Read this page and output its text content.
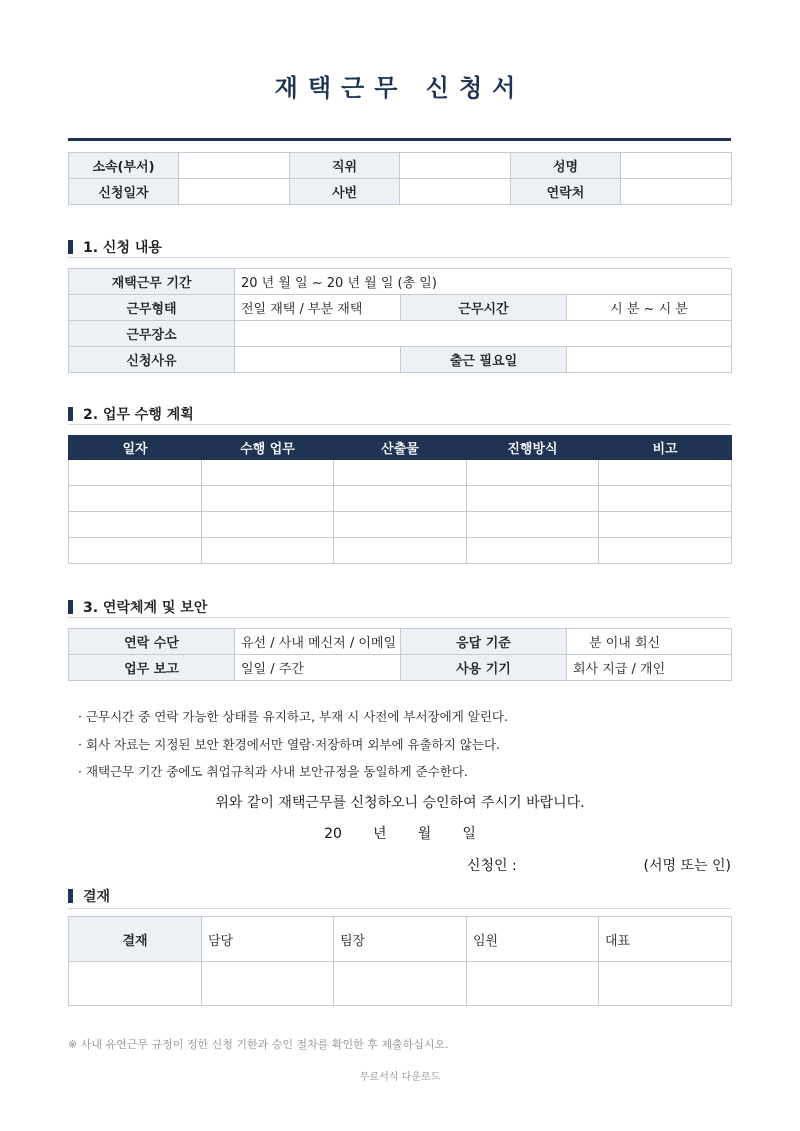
재택근무 신청서
소속(부서)		직위		성명	
신청일자		사번		연락처	
1. 신청 내용
재택근무 기간	20 년 월 일 ~ 20 년 월 일 (총 일)		
근무형태	전일 재택 / 부분 재택	근무시간	시 분 ~ 시 분
근무장소			
신청사유		출근 필요일	
2. 업무 수행 계획
일자	수행 업무	산출물	진행방식	비고

3. 연락체계 및 보안
연락 수단	유선 / 사내 메신저 / 이메일	응답 기준	분 이내 회신
업무 보고	일일 / 주간	사용 기기	회사 지급 / 개인
· 근무시간 중 연락 가능한 상태를 유지하고, 부재 시 사전에 부서장에게 알린다.
· 회사 자료는 지정된 보안 환경에서만 열람·저장하며 외부에 유출하지 않는다.
· 재택근무 기간 중에도 취업규칙과 사내 보안규정을 동일하게 준수한다.
위와 같이 재택근무를 신청하오니 승인하여 주시기 바랍니다.
20       년       월       일
신청인 :	(서명 또는 인)
결재
결재	담당	팀장	임원	대표

※ 사내 유연근무 규정이 정한 신청 기한과 승인 절차를 확인한 후 제출하십시오.
무료서식 다운로드
